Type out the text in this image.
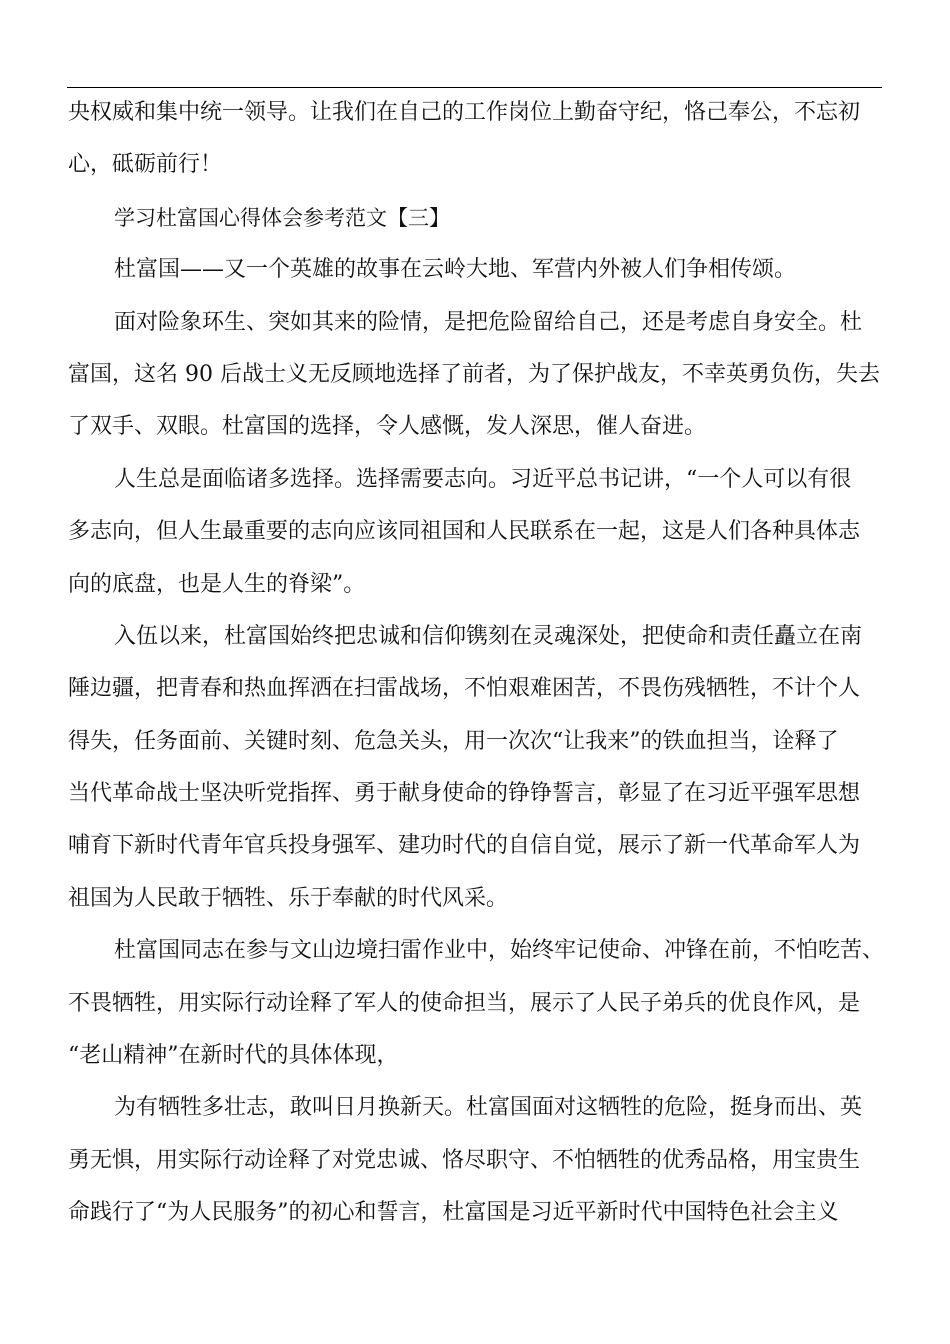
央权威和集中统一领导。让我们在自己的工作岗位上勤奋守纪，恪己奉公，不忘初
心，砥砺前行！
学习杜富国心得体会参考范文【三】
杜富国——又一个英雄的故事在云岭大地、军营内外被人们争相传颂。
面对险象环生、突如其来的险情，是把危险留给自己，还是考虑自身安全。杜
富国，这名 90 后战士义无反顾地选择了前者，为了保护战友，不幸英勇负伤，失去
了双手、双眼。杜富国的选择，令人感慨，发人深思，催人奋进。
人生总是面临诸多选择。选择需要志向。习近平总书记讲，“一个人可以有很
多志向，但人生最重要的志向应该同祖国和人民联系在一起，这是人们各种具体志
向的底盘，也是人生的脊梁”。
入伍以来，杜富国始终把忠诚和信仰镌刻在灵魂深处，把使命和责任矗立在南
陲边疆，把青春和热血挥洒在扫雷战场，不怕艰难困苦，不畏伤残牺牲，不计个人
得失，任务面前、关键时刻、危急关头，用一次次“让我来”的铁血担当，诠释了
当代革命战士坚决听党指挥、勇于献身使命的铮铮誓言，彰显了在习近平强军思想
哺育下新时代青年官兵投身强军、建功时代的自信自觉，展示了新一代革命军人为
祖国为人民敢于牺牲、乐于奉献的时代风采。
杜富国同志在参与文山边境扫雷作业中，始终牢记使命、冲锋在前，不怕吃苦、
不畏牺牲，用实际行动诠释了军人的使命担当，展示了人民子弟兵的优良作风，是
“老山精神”在新时代的具体体现，
为有牺牲多壮志，敢叫日月换新天。杜富国面对这牺牲的危险，挺身而出、英
勇无惧，用实际行动诠释了对党忠诚、恪尽职守、不怕牺牲的优秀品格，用宝贵生
命践行了“为人民服务”的初心和誓言，杜富国是习近平新时代中国特色社会主义
